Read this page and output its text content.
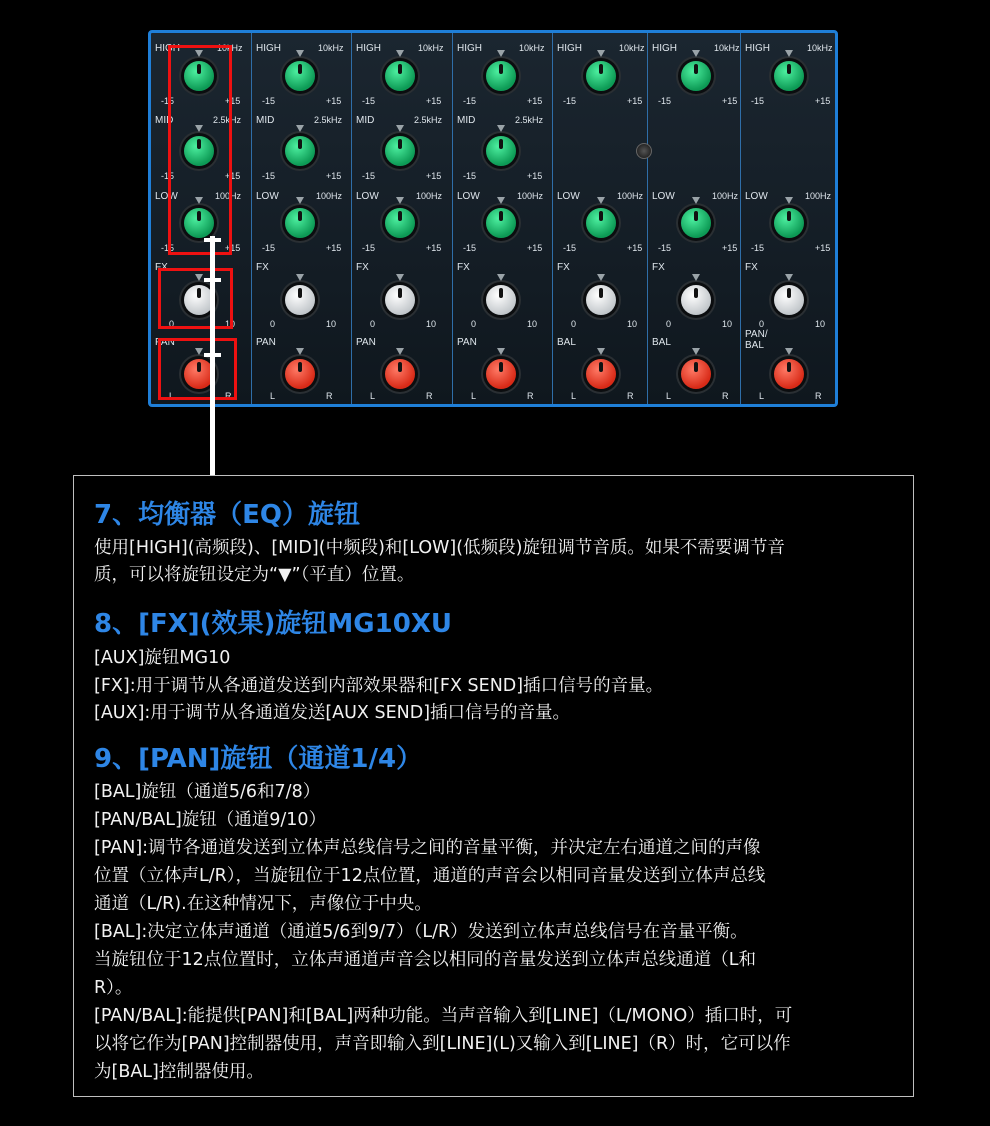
HIGH	10kHz
-15	+15
MID	2.5kHz
-15	+15
LOW	100Hz
-15	+15
FX
0	10
PAN
L	R
HIGH	10kHz
-15	+15
MID	2.5kHz
-15	+15
LOW	100Hz
-15	+15
FX
0	10
PAN
L	R
HIGH	10kHz
-15	+15
MID	2.5kHz
-15	+15
LOW	100Hz
-15	+15
FX
0	10
PAN
L	R
HIGH	10kHz
-15	+15
MID	2.5kHz
-15	+15
LOW	100Hz
-15	+15
FX
0	10
PAN
L	R
HIGH	10kHz
-15	+15
LOW	100Hz
-15	+15
FX
0	10
BAL
L	R
HIGH	10kHz
-15	+15
LOW	100Hz
-15	+15
FX
0	10
BAL
L	R
HIGH	10kHz
-15	+15
LOW	100Hz
-15	+15
FX
0	10
PAN/
BAL
L	R
7、均衡器（EQ）旋钮
使用[HIGH](高频段)、[MID](中频段)和[LOW](低频段)旋钮调节音质。如果不需要调节音
质，可以将旋钮设定为“▼”（平直）位置。
8、[FX](效果)旋钮MG10XU
[AUX]旋钮MG10
[FX]:用于调节从各通道发送到内部效果器和[FX SEND]插口信号的音量。
[AUX]:用于调节从各通道发送[AUX SEND]插口信号的音量。
9、[PAN]旋钮（通道1/4）
[BAL]旋钮（通道5/6和7/8）
[PAN/BAL]旋钮（通道9/10）
[PAN]:调节各通道发送到立体声总线信号之间的音量平衡，并决定左右通道之间的声像
位置（立体声L/R），当旋钮位于12点位置，通道的声音会以相同音量发送到立体声总线
通道（L/R).在这种情况下，声像位于中央。
[BAL]:决定立体声通道（通道5/6到9/7）（L/R）发送到立体声总线信号在音量平衡。
当旋钮位于12点位置时，立体声通道声音会以相同的音量发送到立体声总线通道（L和
R）。
[PAN/BAL]:能提供[PAN]和[BAL]两种功能。当声音输入到[LINE]（L/MONO）插口时，可
以将它作为[PAN]控制器使用，声音即输入到[LINE](L)又输入到[LINE]（R）时，它可以作
为[BAL]控制器使用。
